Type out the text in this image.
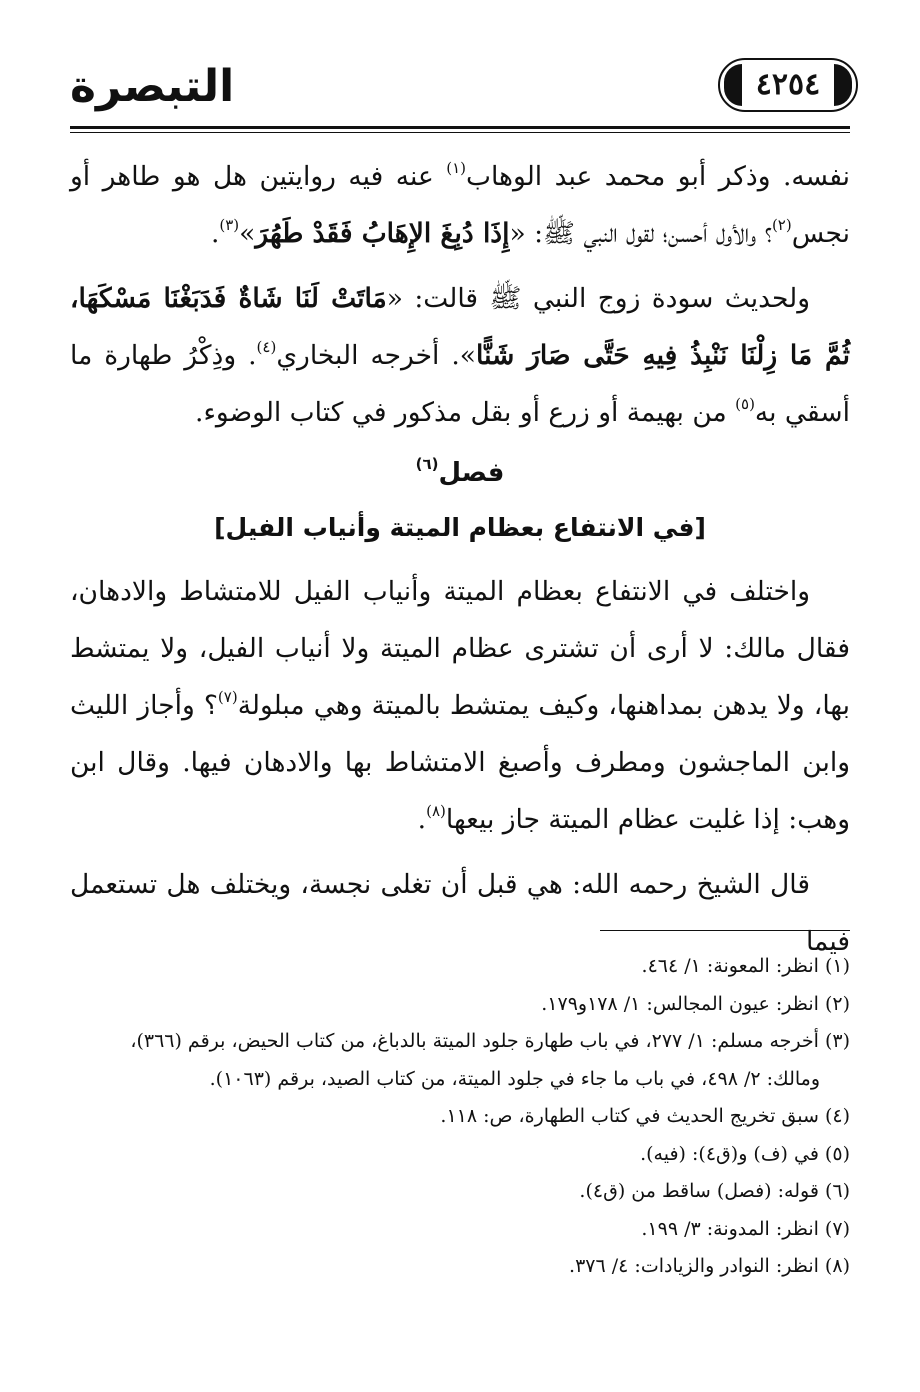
التبصرة	٤٢٥٤

نفسه. وذكر أبو محمد عبد الوهاب$^{(١)}$ عنه فيه روايتين هل هو طاهر أو نجس$^{(٢)}$؟ والأول أحسن؛ لقول النبي ﷺ: «إِذَا دُبِغَ الإِهَابُ فَقَدْ طَهُرَ»$^{(٣)}$.

ولحديث سودة زوج النبي ﷺ قالت: «مَاتَتْ لَنَا شَاةٌ فَدَبَغْنَا مَسْكَهَا، ثُمَّ مَا زِلْنَا نَنْبِذُ فِيهِ حَتَّى صَارَ شَنًّا». أخرجه البخاري$^{(٤)}$. وذِكْرُ طهارة ما أسقي به$^{(٥)}$ من بهيمة أو زرع أو بقل مذكور في كتاب الوضوء.

فصل$^{(٦)}$
[في الانتفاع بعظام الميتة وأنياب الفيل]

واختلف في الانتفاع بعظام الميتة وأنياب الفيل للامتشاط والادهان، فقال مالك: لا أرى أن تشترى عظام الميتة ولا أنياب الفيل، ولا يمتشط بها، ولا يدهن بمداهنها، وكيف يمتشط بالميتة وهي مبلولة$^{(٧)}$؟ وأجاز الليث وابن الماجشون ومطرف وأصبغ الامتشاط بها والادهان فيها. وقال ابن وهب: إذا غليت عظام الميتة جاز بيعها$^{(٨)}$.

قال الشيخ رحمه الله: هي قبل أن تغلى نجسة، ويختلف هل تستعمل فيما

(١) انظر: المعونة: ١/ ٤٦٤.

(٢) انظر: عيون المجالس: ١/ ١٧٨و١٧٩.

(٣) أخرجه مسلم: ١/ ٢٧٧، في باب طهارة جلود الميتة بالدباغ، من كتاب الحيض، برقم (٣٦٦)،

ومالك: ٢/ ٤٩٨، في باب ما جاء في جلود الميتة، من كتاب الصيد، برقم (١٠٦٣).

(٤) سبق تخريج الحديث في كتاب الطهارة، ص: ١١٨.

(٥) في (ف) و(ق٤): (فيه).

(٦) قوله: (فصل) ساقط من (ق٤).

(٧) انظر: المدونة: ٣/ ١٩٩.

(٨) انظر: النوادر والزيادات: ٤/ ٣٧٦.
